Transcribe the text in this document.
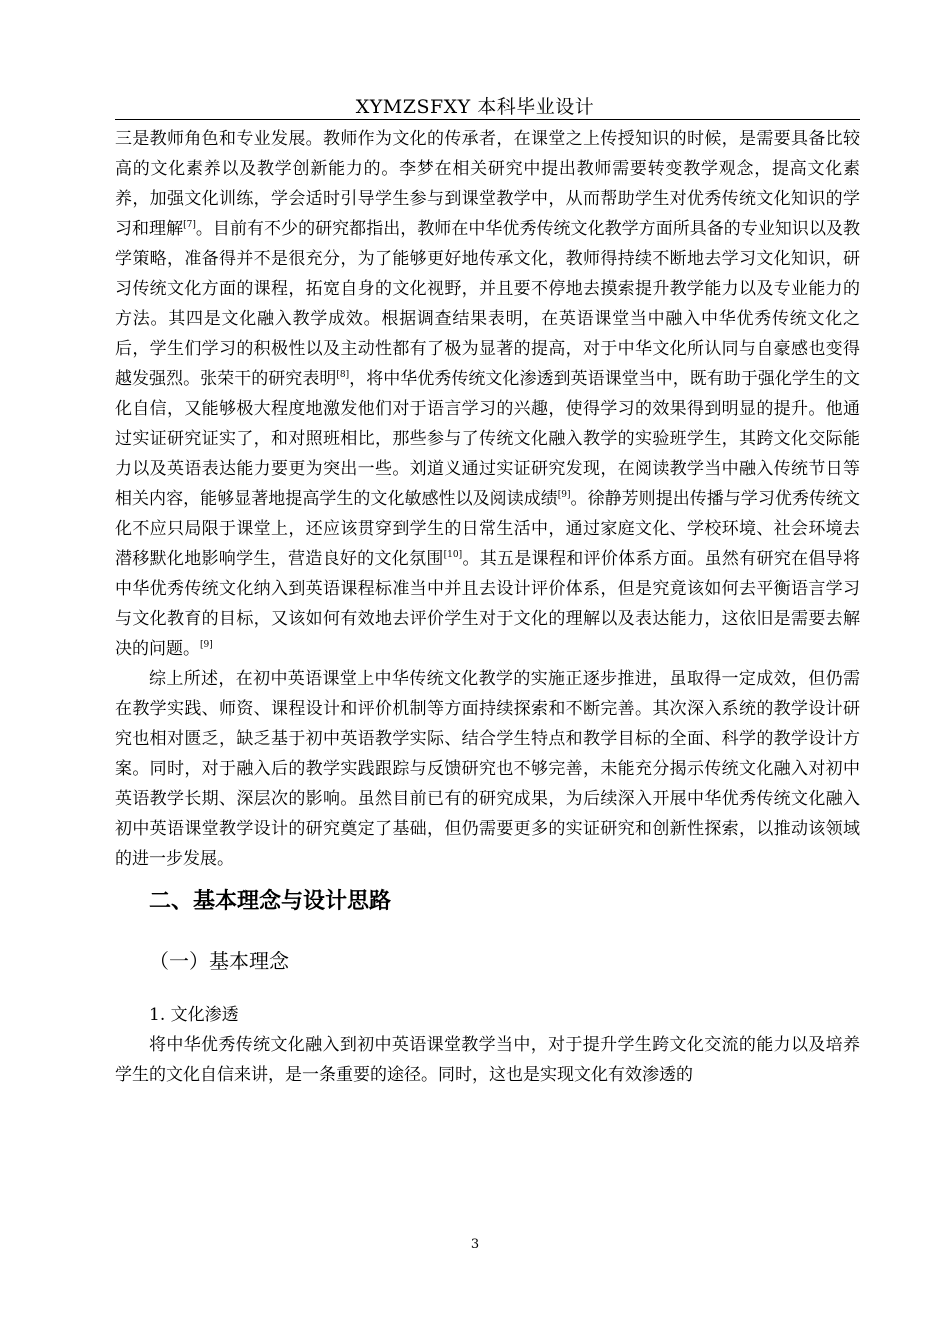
XYMZSFXY 本科毕业设计

三是教师角色和专业发展。教师作为文化的传承者，在课堂之上传授知识的时候，是需要具备比较高的文化素养以及教学创新能力的。李梦在相关研究中提出教师需要转变教学观念，提高文化素养，加强文化训练，学会适时引导学生参与到课堂教学中，从而帮助学生对优秀传统文化知识的学习和理解[7]。目前有不少的研究都指出，教师在中华优秀传统文化教学方面所具备的专业知识以及教学策略，准备得并不是很充分，为了能够更好地传承文化，教师得持续不断地去学习文化知识，研习传统文化方面的课程，拓宽自身的文化视野，并且要不停地去摸索提升教学能力以及专业能力的方法。其四是文化融入教学成效。根据调查结果表明，在英语课堂当中融入中华优秀传统文化之后，学生们学习的积极性以及主动性都有了极为显著的提高，对于中华文化所认同与自豪感也变得越发强烈。张荣干的研究表明[8]，将中华优秀传统文化渗透到英语课堂当中，既有助于强化学生的文化自信，又能够极大程度地激发他们对于语言学习的兴趣，使得学习的效果得到明显的提升。他通过实证研究证实了，和对照班相比，那些参与了传统文化融入教学的实验班学生，其跨文化交际能力以及英语表达能力要更为突出一些。刘道义通过实证研究发现，在阅读教学当中融入传统节日等相关内容，能够显著地提高学生的文化敏感性以及阅读成绩[9]。徐静芳则提出传播与学习优秀传统文化不应只局限于课堂上，还应该贯穿到学生的日常生活中，通过家庭文化、学校环境、社会环境去潜移默化地影响学生，营造良好的文化氛围[10]。其五是课程和评价体系方面。虽然有研究在倡导将中华优秀传统文化纳入到英语课程标准当中并且去设计评价体系，但是究竟该如何去平衡语言学习与文化教育的目标，又该如何有效地去评价学生对于文化的理解以及表达能力，这依旧是需要去解决的问题。[9]

综上所述，在初中英语课堂上中华传统文化教学的实施正逐步推进，虽取得一定成效，但仍需在教学实践、师资、课程设计和评价机制等方面持续探索和不断完善。其次深入系统的教学设计研究也相对匮乏，缺乏基于初中英语教学实际、结合学生特点和教学目标的全面、科学的教学设计方案。同时，对于融入后的教学实践跟踪与反馈研究也不够完善，未能充分揭示传统文化融入对初中英语教学长期、深层次的影响。虽然目前已有的研究成果，为后续深入开展中华优秀传统文化融入初中英语课堂教学设计的研究奠定了基础，但仍需要更多的实证研究和创新性探索，以推动该领域的进一步发展。

二、基本理念与设计思路
（一）基本理念
1. 文化渗透

将中华优秀传统文化融入到初中英语课堂教学当中，对于提升学生跨文化交流的能力以及培养学生的文化自信来讲，是一条重要的途径。同时，这也是实现文化有效渗透的

3
